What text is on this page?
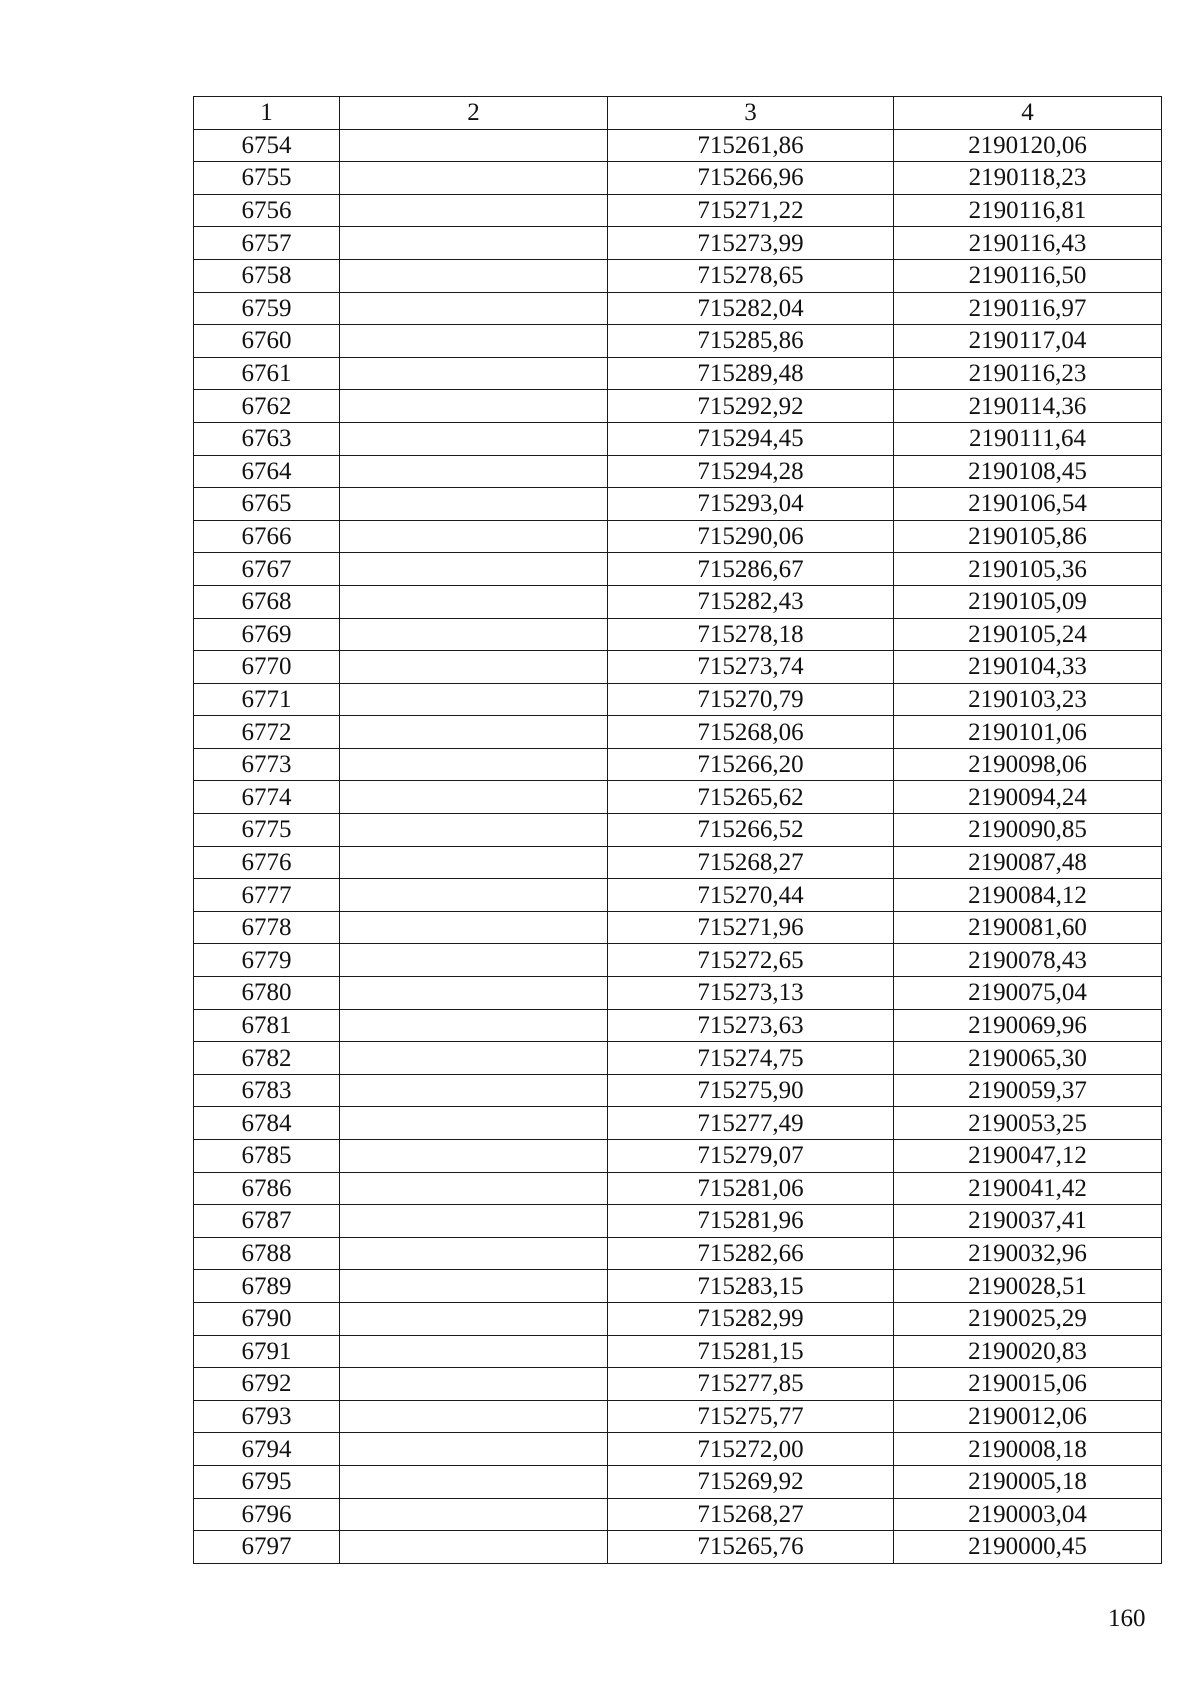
1	2	3	4
6754		715261,86	2190120,06
6755		715266,96	2190118,23
6756		715271,22	2190116,81
6757		715273,99	2190116,43
6758		715278,65	2190116,50
6759		715282,04	2190116,97
6760		715285,86	2190117,04
6761		715289,48	2190116,23
6762		715292,92	2190114,36
6763		715294,45	2190111,64
6764		715294,28	2190108,45
6765		715293,04	2190106,54
6766		715290,06	2190105,86
6767		715286,67	2190105,36
6768		715282,43	2190105,09
6769		715278,18	2190105,24
6770		715273,74	2190104,33
6771		715270,79	2190103,23
6772		715268,06	2190101,06
6773		715266,20	2190098,06
6774		715265,62	2190094,24
6775		715266,52	2190090,85
6776		715268,27	2190087,48
6777		715270,44	2190084,12
6778		715271,96	2190081,60
6779		715272,65	2190078,43
6780		715273,13	2190075,04
6781		715273,63	2190069,96
6782		715274,75	2190065,30
6783		715275,90	2190059,37
6784		715277,49	2190053,25
6785		715279,07	2190047,12
6786		715281,06	2190041,42
6787		715281,96	2190037,41
6788		715282,66	2190032,96
6789		715283,15	2190028,51
6790		715282,99	2190025,29
6791		715281,15	2190020,83
6792		715277,85	2190015,06
6793		715275,77	2190012,06
6794		715272,00	2190008,18
6795		715269,92	2190005,18
6796		715268,27	2190003,04
6797		715265,76	2190000,45
160
